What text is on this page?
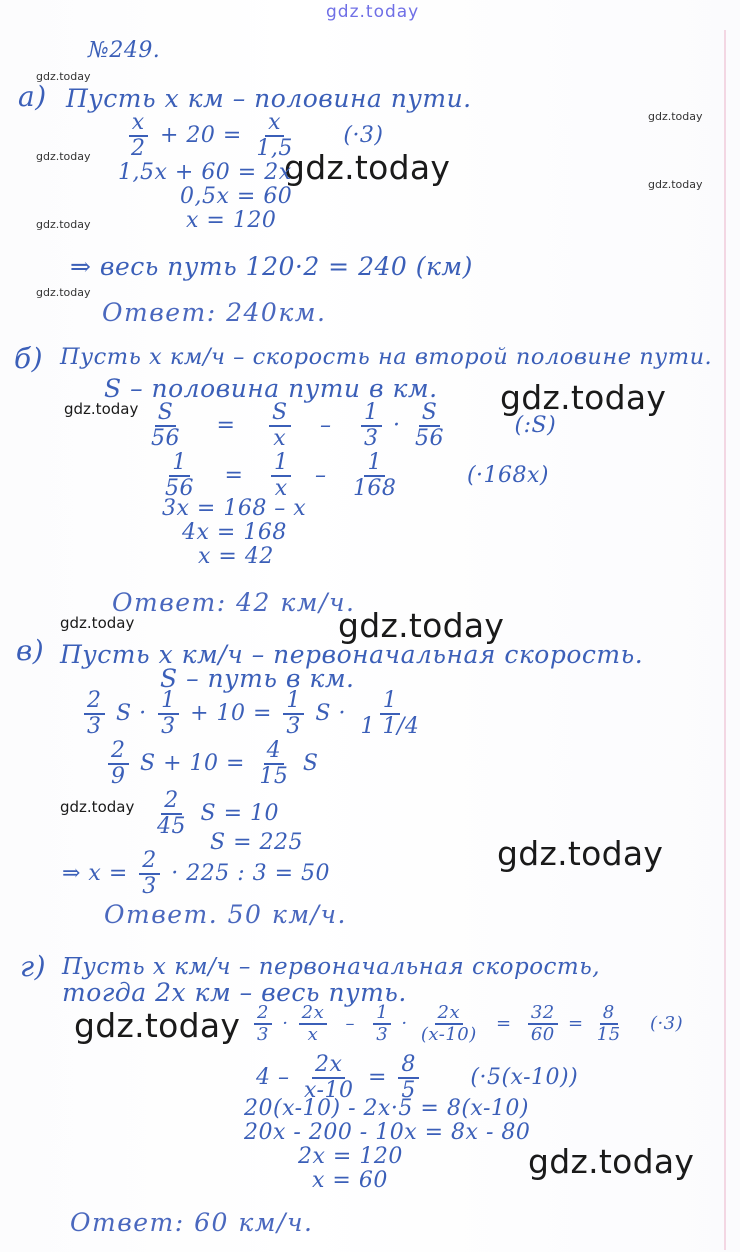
gdz.today
gdz.today
gdz.today
gdz.today
gdz.today
gdz.today
gdz.today
gdz.today
gdz.today
gdz.today
gdz.today
gdz.today
gdz.today
gdz.today
gdz.today
gdz.today
№249.
а) Пусть х км – половина пути.
$\frac{x}{2} + 20 = \frac{x}{1,5} (\cdot 3)$
1,5x + 60 = 2x
0,5x = 60
x = 120
⇒ весь путь 120·2 = 240 (км)
Ответ: 240км.
б) Пусть х км/ч – скорость на второй половине пути.
S – половина пути в км.
$\frac{S}{56} = \frac{S}{x} - \frac{1}{3} \cdot \frac{S}{56}$	(:S)
$\frac{1}{56} = \frac{1}{x} - \frac{1}{168}$	(·168x)
3x = 168 – x
4x = 168
x = 42
Ответ: 42 км/ч.
в) Пусть х км/ч – первоначальная скорость.
S – путь в км.
$\frac{2}{3}$ $S \cdot \frac{1}{3} + 10 = \frac{1}{3}$ $S \cdot \frac{1}{1 1/4}$
$\frac{2}{9}$ $S + 10 = \frac{4}{15}$ S
$\frac{2}{45}$ S = 10
S = 225
⇒ $x = \frac{2}{3} \cdot 225$ : 3 = 50
Ответ. 50 км/ч.
г) Пусть х км/ч – первоначальная скорость,
тогда 2х км – весь путь.
$\frac{2}{3} \cdot \frac{2x}{x} - \frac{1}{3} \cdot \frac{2x}{(x-10)} = \frac{32}{60} = \frac{8}{15} (\cdot 3)$
$4 - \frac{2x}{x-10} = \frac{8}{5} (\cdot 5(x-10))$
20(x-10) - 2x·5 = 8(x-10)
20x - 200 - 10x = 8x - 80
2x = 120
x = 60
Ответ: 60 км/ч.
